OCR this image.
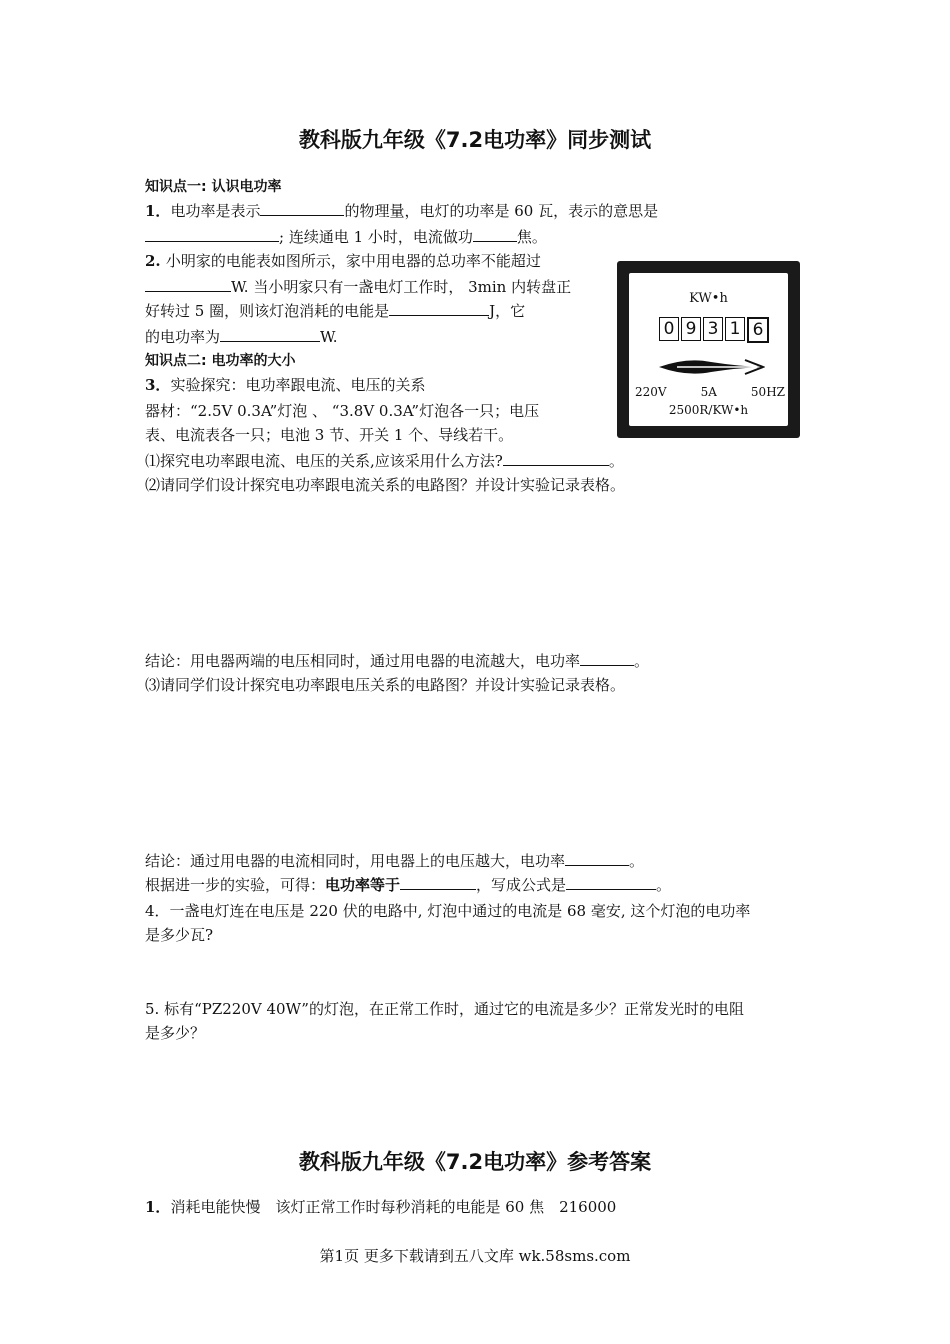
教科版九年级《7.2电功率》同步测试
知识点一: 认识电功率
1．电功率是表示	的物理量，电灯的功率是 60 瓦，表示的意思是
; 连续通电 1 小时，电流做功	焦。
2. 小明家的电能表如图所示，家中用电器的总功率不能超过
W. 当小明家只有一盏电灯工作时， 3min 内转盘正
好转过 5 圈，则该灯泡消耗的电能是	J，它
的电功率为	W.
知识点二: 电功率的大小
3．实验探究：电功率跟电流、电压的关系
器材：“2.5V 0.3A”灯泡 、 “3.8V 0.3A”灯泡各一只；电压
表、电流表各一只；电池 3 节、开关 1 个、导线若干。
⑴探究电功率跟电流、电压的关系,应该采用什么方法?	。
⑵请同学们设计探究电功率跟电流关系的电路图？并设计实验记录表格。
结论：用电器两端的电压相同时，通过用电器的电流越大，电功率	。
⑶请同学们设计探究电功率跟电压关系的电路图？并设计实验记录表格。
结论：通过用电器的电流相同时，用电器上的电压越大，电功率	。
根据进一步的实验，可得：电功率等于	，写成公式是	。
4．一盏电灯连在电压是 220 伏的电路中, 灯泡中通过的电流是 68 毫安, 这个灯泡的电功率
是多少瓦?
5. 标有“PZ220V 40W”的灯泡，在正常工作时，通过它的电流是多少？正常发光时的电阻
是多少？
教科版九年级《7.2电功率》参考答案
1．消耗电能快慢　该灯正常工作时每秒消耗的电能是 60 焦　216000
第1页 更多下载请到五八文库 wk.58sms.com
KW•h
0 9 3 1 6
220V	5A	50HZ
2500R/KW•h
